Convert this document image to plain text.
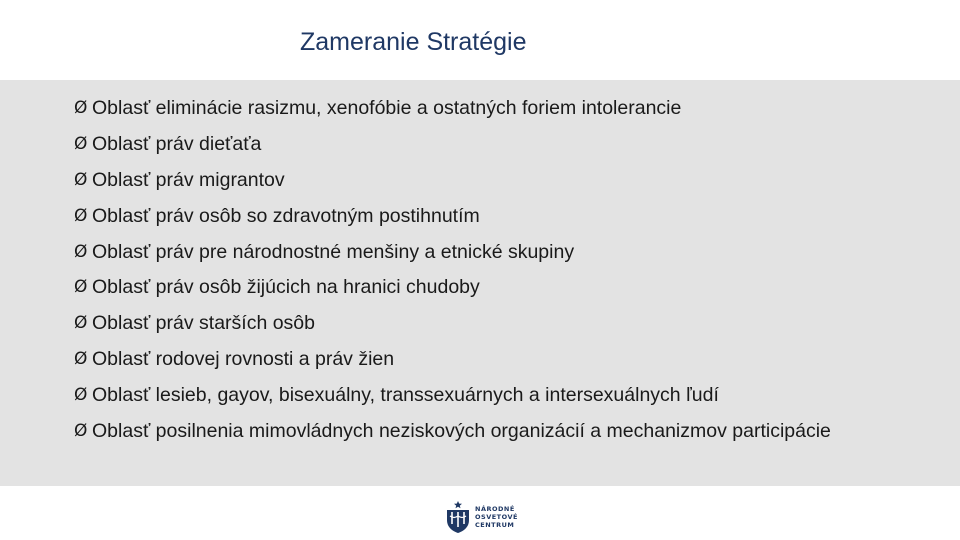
Zameranie Stratégie
Ø Oblasť eliminácie rasizmu, xenofóbie a ostatných foriem intolerancie
Ø Oblasť práv dieťaťa
Ø Oblasť práv migrantov
Ø Oblasť práv osôb so zdravotným postihnutím
Ø Oblasť práv pre národnostné menšiny a etnické skupiny
Ø Oblasť práv osôb žijúcich na hranici chudoby
Ø Oblasť práv starších osôb
Ø Oblasť rodovej rovnosti a práv žien
Ø Oblasť lesieb, gayov, bisexuálny, transsexuárnych a intersexuálnych ľudí
Ø Oblasť posilnenia mimovládnych neziskových organizácií a mechanizmov participácie
NÁRODNÉ
OSVETOVÉ
CENTRUM
